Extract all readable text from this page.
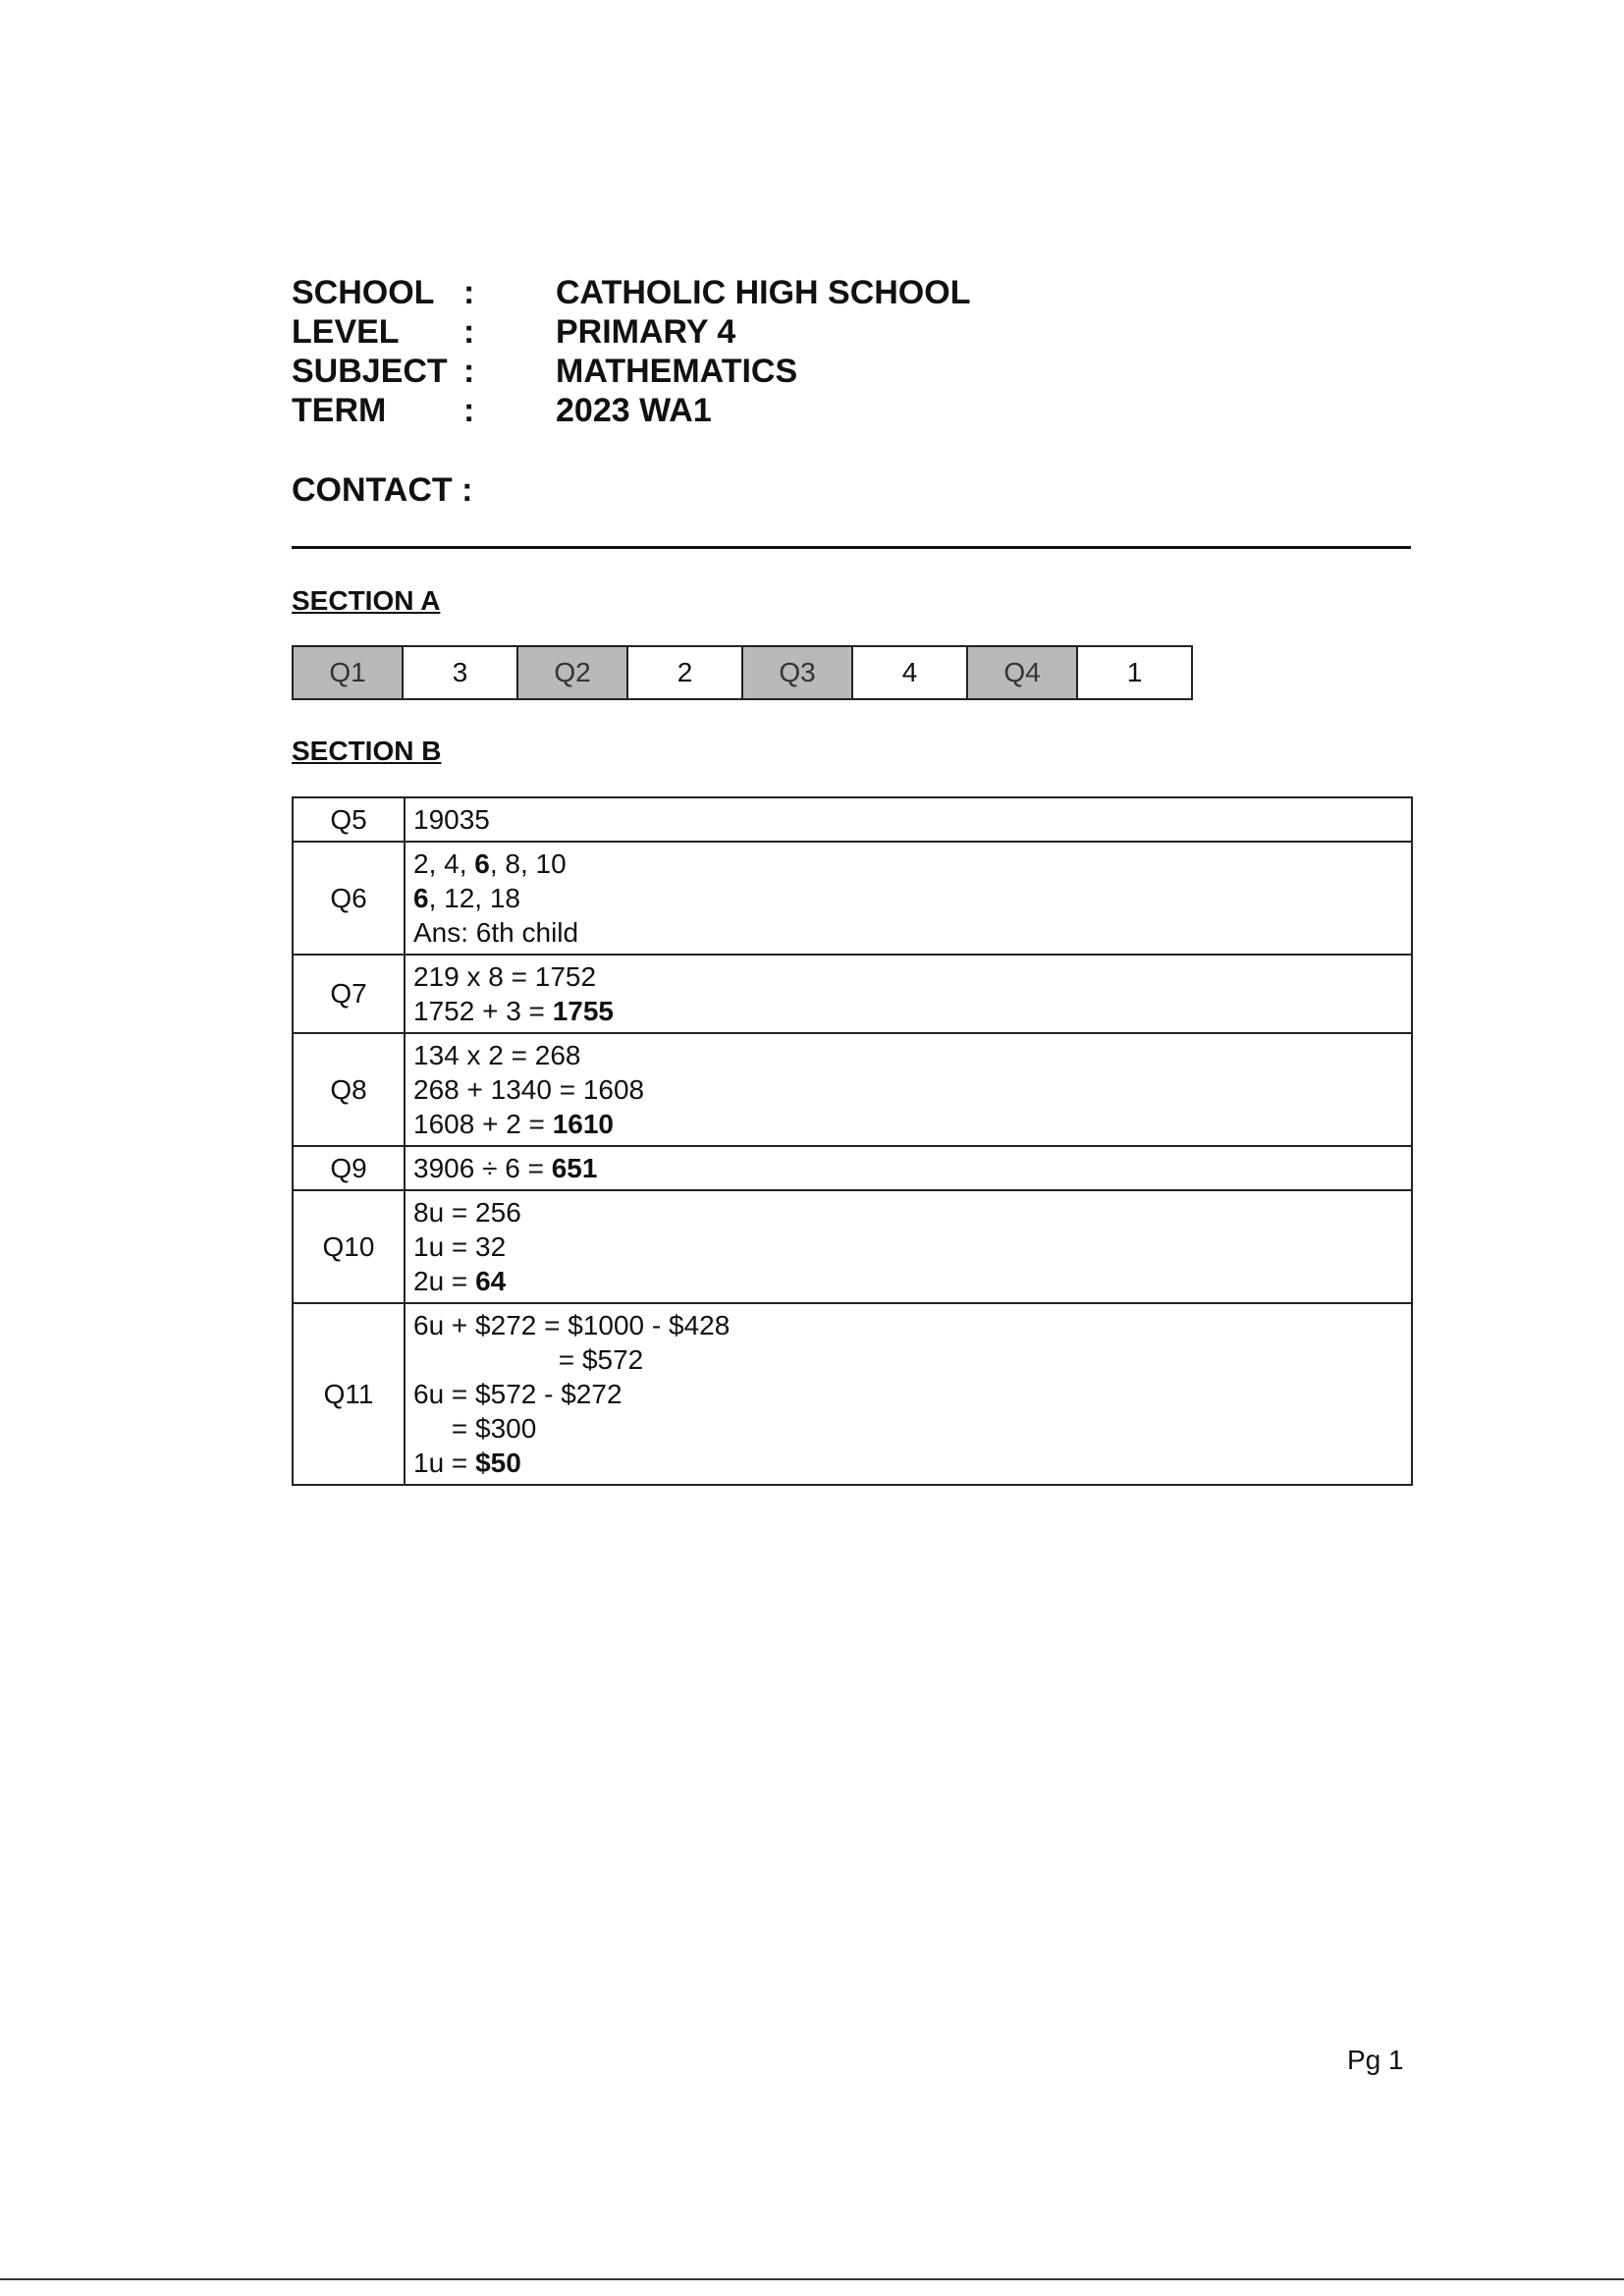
SCHOOL :	CATHOLIC HIGH SCHOOL
LEVEL	:	PRIMARY 4
SUBJECT :	MATHEMATICS
TERM	:	2023 WA1
CONTACT :
SECTION A
Q1	3	Q2	2	Q3	4	Q4	1
SECTION B
Q5	19035

Q6	2, 4, 6, 8, 10
6, 12, 18
Ans: 6th child

Q7	219 x 8 = 1752
1752 + 3 = 1755

Q8	134 x 2 = 268
268 + 1340 = 1608
1608 + 2 = 1610

Q9	3906 ÷ 6 = 651

Q10	8u = 256
1u = 32
2u = 64

Q11	6u + $272 = $1000 - $428
= $572
6u = $572 - $272
= $300
1u = $50
Pg 1
